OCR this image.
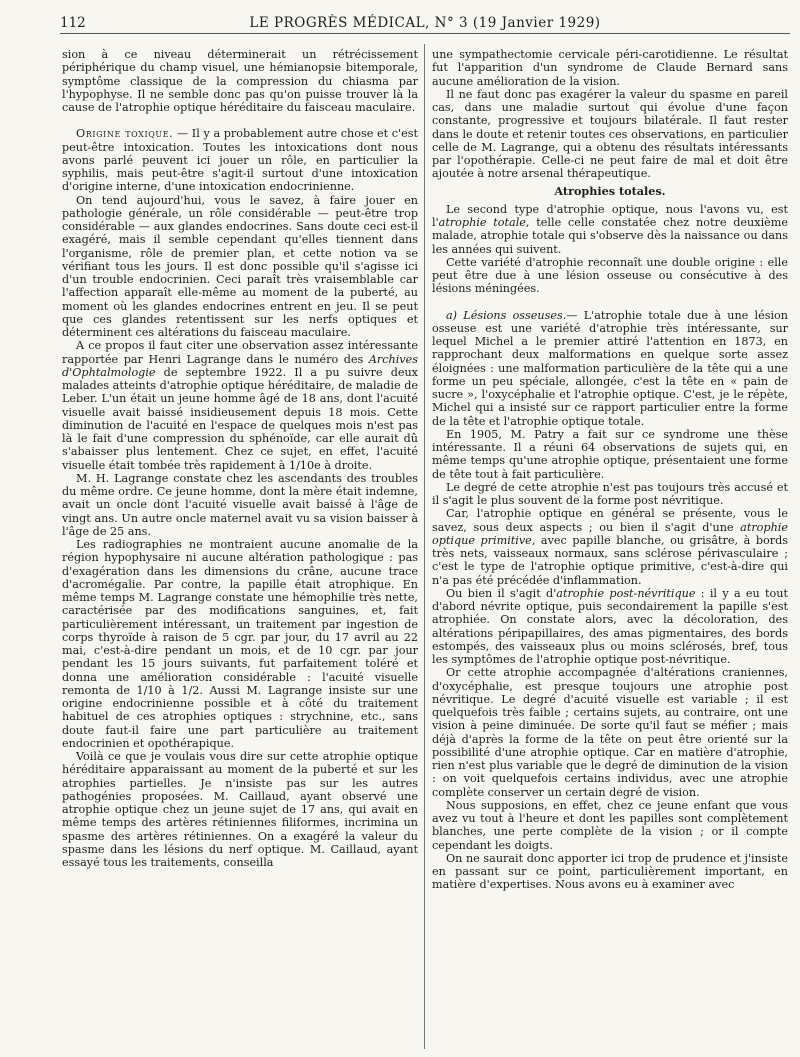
112	LE PROGRÈS MÉDICAL, N° 3 (19 Janvier 1929)

sion à ce niveau déterminerait un rétrécissement périphérique du champ visuel, une hémianopsie bitemporale, symptôme classique de la compression du chiasma par l'hypophyse. Il ne semble donc pas qu'on puisse trouver là la cause de l'atrophie optique héréditaire du faisceau maculaire.

Origine toxique. — Il y a probablement autre chose et c'est peut-être intoxication. Toutes les intoxications dont nous avons parlé peuvent ici jouer un rôle, en particulier la syphilis, mais peut-être s'agit-il surtout d'une intoxication d'origine interne, d'une intoxication endocrinienne.

On tend aujourd'hui, vous le savez, à faire jouer en pathologie générale, un rôle considérable — peut-être trop considérable — aux glandes endocrines. Sans doute ceci est-il exagéré, mais il semble cependant qu'elles tiennent dans l'organisme, rôle de premier plan, et cette notion va se vérifiant tous les jours. Il est donc possible qu'il s'agisse ici d'un trouble endocrinien. Ceci paraît très vraisemblable car l'affection apparaît elle-même au moment de la puberté, au moment où les glandes endocrines entrent en jeu. Il se peut que ces glandes retentissent sur les nerfs optiques et déterminent ces altérations du faisceau maculaire.

A ce propos il faut citer une observation assez intéressante rapportée par Henri Lagrange dans le numéro des Archives d'Ophtalmologie de septembre 1922. Il a pu suivre deux malades atteints d'atrophie optique héréditaire, de maladie de Leber. L'un était un jeune homme âgé de 18 ans, dont l'acuité visuelle avait baissé insidieusement depuis 18 mois. Cette diminution de l'acuité en l'espace de quelques mois n'est pas là le fait d'une compression du sphénoïde, car elle aurait dû s'abaisser plus lentement. Chez ce sujet, en effet, l'acuité visuelle était tombée très rapidement à 1/10e à droite.

M. H. Lagrange constate chez les ascendants des troubles du même ordre. Ce jeune homme, dont la mère était indemne, avait un oncle dont l'acuité visuelle avait baissé à l'âge de vingt ans. Un autre oncle maternel avait vu sa vision baisser à l'âge de 25 ans.

Les radiographies ne montraient aucune anomalie de la région hypophysaire ni aucune altération pathologique : pas d'exagération dans les dimensions du crâne, aucune trace d'acromégalie. Par contre, la papille était atrophique. En même temps M. Lagrange constate une hémophilie très nette, caractérisée par des modifications sanguines, et, fait particulièrement intéressant, un traitement par ingestion de corps thyroïde à raison de 5 cgr. par jour, du 17 avril au 22 mai, c'est-à-dire pendant un mois, et de 10 cgr. par jour pendant les 15 jours suivants, fut parfaitement toléré et donna une amélioration considérable : l'acuité visuelle remonta de 1/10 à 1/2. Aussi M. Lagrange insiste sur une origine endocrinienne possible et à côté du traitement habituel de ces atrophies optiques : strychnine, etc., sans doute faut-il faire une part particulière au traitement endocrinien et opothérapique.

Voilà ce que je voulais vous dire sur cette atrophie optique héréditaire apparaissant au moment de la puberté et sur les atrophies partielles. Je n'insiste pas sur les autres pathogénies proposées. M. Caillaud, ayant observé une atrophie optique chez un jeune sujet de 17 ans, qui avait en même temps des artères rétiniennes filiformes, incrimina un spasme des artères rétiniennes. On a exagéré la valeur du spasme dans les lésions du nerf optique. M. Caillaud, ayant essayé tous les traitements, conseilla

une sympathectomie cervicale péri-carotidienne. Le résultat fut l'apparition d'un syndrome de Claude Bernard sans aucune amélioration de la vision.

Il ne faut donc pas exagérer la valeur du spasme en pareil cas, dans une maladie surtout qui évolue d'une façon constante, progressive et toujours bilatérale. Il faut rester dans le doute et retenir toutes ces observations, en particulier celle de M. Lagrange, qui a obtenu des résultats intéressants par l'opothérapie. Celle-ci ne peut faire de mal et doit être ajoutée à notre arsenal thérapeutique.

Atrophies totales.

Le second type d'atrophie optique, nous l'avons vu, est l'atrophie totale, telle celle constatée chez notre deuxième malade, atrophie totale qui s'observe dès la naissance ou dans les années qui suivent.

Cette variété d'atrophie reconnaît une double origine : elle peut être due à une lésion osseuse ou consécutive à des lésions méningées.

a) Lésions osseuses.— L'atrophie totale due à une lésion osseuse est une variété d'atrophie très intéressante, sur lequel Michel a le premier attiré l'attention en 1873, en rapprochant deux malformations en quelque sorte assez éloignées : une malformation particulière de la tête qui a une forme un peu spéciale, allongée, c'est la tête en « pain de sucre », l'oxycéphalie et l'atrophie optique. C'est, je le répète, Michel qui a insisté sur ce rapport particulier entre la forme de la tête et l'atrophie optique totale.

En 1905, M. Patry a fait sur ce syndrome une thèse intéressante. Il a réuni 64 observations de sujets qui, en même temps qu'une atrophie optique, présentaient une forme de tête tout à fait particulière.

Le degré de cette atrophie n'est pas toujours très accusé et il s'agit le plus souvent de la forme post névritique.

Car, l'atrophie optique en général se présente, vous le savez, sous deux aspects ; ou bien il s'agit d'une atrophie optique primitive, avec papille blanche, ou grisâtre, à bords très nets, vaisseaux normaux, sans sclérose périvasculaire ; c'est le type de l'atrophie optique primitive, c'est-à-dire qui n'a pas été précédée d'inflammation.

Ou bien il s'agit d'atrophie post-névritique : il y a eu tout d'abord névrite optique, puis secondairement la papille s'est atrophiée. On constate alors, avec la décoloration, des altérations péripapillaires, des amas pigmentaires, des bords estompés, des vaisseaux plus ou moins sclérosés, bref, tous les symptômes de l'atrophie optique post-névritique.

Or cette atrophie accompagnée d'altérations craniennes, d'oxycéphalie, est presque toujours une atrophie post névritique. Le degré d'acuité visuelle est variable ; il est quelquefois très faible ; certains sujets, au contraire, ont une vision à peine diminuée. De sorte qu'il faut se méfier ; mais déjà d'après la forme de la tête on peut être orienté sur la possibilité d'une atrophie optique. Car en matière d'atrophie, rien n'est plus variable que le degré de diminution de la vision : on voit quelquefois certains individus, avec une atrophie complète conserver un certain degré de vision.

Nous supposions, en effet, chez ce jeune enfant que vous avez vu tout à l'heure et dont les papilles sont complètement blanches, une perte complète de la vision ; or il compte cependant les doigts.

On ne saurait donc apporter ici trop de prudence et j'insiste en passant sur ce point, particulièrement important, en matière d'expertises. Nous avons eu à examiner avec
